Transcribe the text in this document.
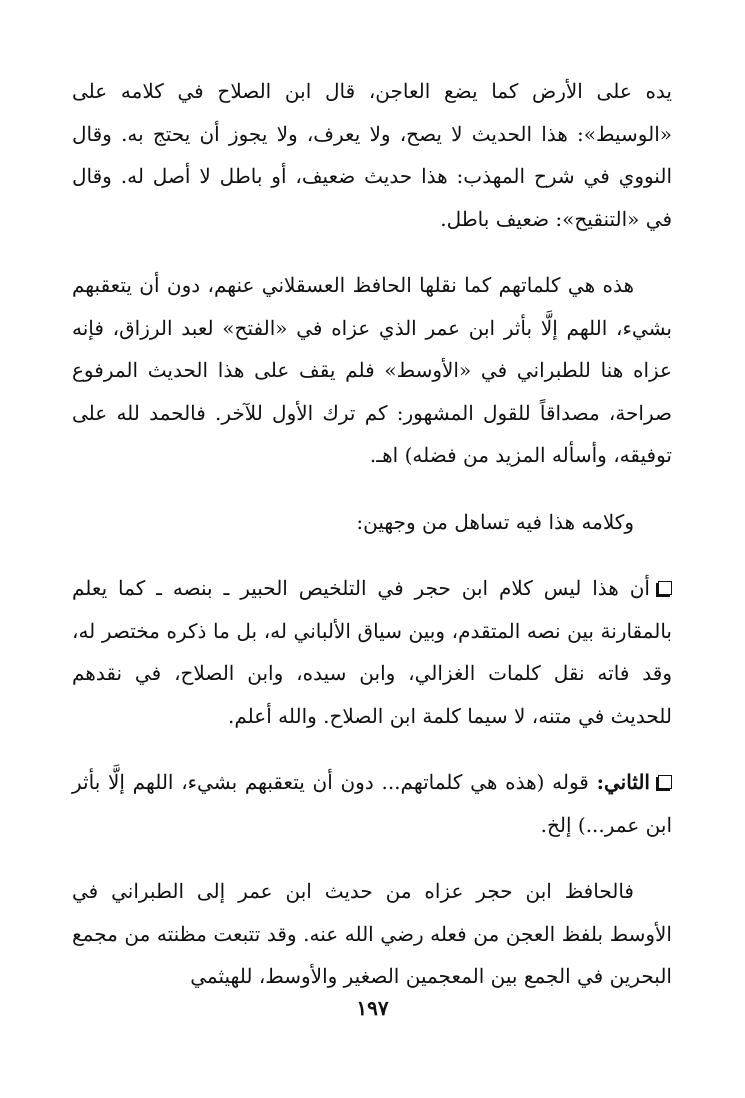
يده على الأرض كما يضع العاجن، قال ابن الصلاح في كلامه على «الوسيط»: هذا الحديث لا يصح، ولا يعرف، ولا يجوز أن يحتج به. وقال النووي في شرح المهذب: هذا حديث ضعيف، أو باطل لا أصل له. وقال في «التنقيح»: ضعيف باطل.

هذه هي كلماتهم كما نقلها الحافظ العسقلاني عنهم، دون أن يتعقبهم بشيء، اللهم إلَّا بأثر ابن عمر الذي عزاه في «الفتح» لعبد الرزاق، فإنه عزاه هنا للطبراني في «الأوسط» فلم يقف على هذا الحديث المرفوع صراحة، مصداقاً للقول المشهور: كم ترك الأول للآخر. فالحمد لله على توفيقه، وأسأله المزيد من فضله) اهـ.

وكلامه هذا فيه تساهل من وجهين:

أن هذا ليس كلام ابن حجر في التلخيص الحبير ـ بنصه ـ كما يعلم بالمقارنة بين نصه المتقدم، وبين سياق الألباني له، بل ما ذكره مختصر له، وقد فاته نقل كلمات الغزالي، وابن سيده، وابن الصلاح، في نقدهم للحديث في متنه، لا سيما كلمة ابن الصلاح. والله أعلم.

الثاني: قوله (هذه هي كلماتهم... دون أن يتعقبهم بشيء، اللهم إلَّا بأثر ابن عمر...) إلخ.

فالحافظ ابن حجر عزاه من حديث ابن عمر إلى الطبراني في الأوسط بلفظ العجن من فعله رضي الله عنه. وقد تتبعت مظنته من مجمع البحرين في الجمع بين المعجمين الصغير والأوسط، للهيثمي

١٩٧
